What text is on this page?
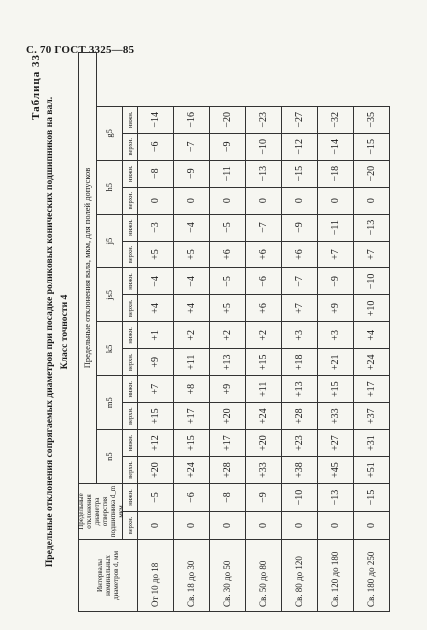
С. 70 ГОСТ 3325—85
Таблица 33
Предельные отклонения сопрягаемых диаметров при посадке роликовых конических подшипников на вал. Класс точности 4
Интервалы номинальных диаметров d, мм
Предельные отклонения диаметра отверстия подшипника d_m мкм
Предельные отклонения вала, мкм, для полей допусков
верхн.
нижн.
n5
верхн.
нижн.
m5
верхн.
нижн.
k5
верхн.
нижн.
js5
верхн.
нижн.
j5
верхн.
нижн.
h5
верхн.
нижн.
g5
верхн.
нижн.
От 10 до 18
0
−5
+20
+12
+15
+7
+9
+1
+4
−4
+5
−3
0
−8
−6
−14
Св. 18 до 30
0
−6
+24
+15
+17
+8
+11
+2
+4
−4
+5
−4
0
−9
−7
−16
Св. 30 до 50
0
−8
+28
+17
+20
+9
+13
+2
+5
−5
+6
−5
0
−11
−9
−20
Св. 50 до 80
0
−9
+33
+20
+24
+11
+15
+2
+6
−6
+6
−7
0
−13
−10
−23
Св. 80 до 120
0
−10
+38
+23
+28
+13
+18
+3
+7
−7
+6
−9
0
−15
−12
−27
Св. 120 до 180
0
−13
+45
+27
+33
+15
+21
+3
+9
−9
+7
−11
0
−18
−14
−32
Св. 180 до 250
0
−15
+51
+31
+37
+17
+24
+4
+10
−10
+7
−13
0
−20
−15
−35
